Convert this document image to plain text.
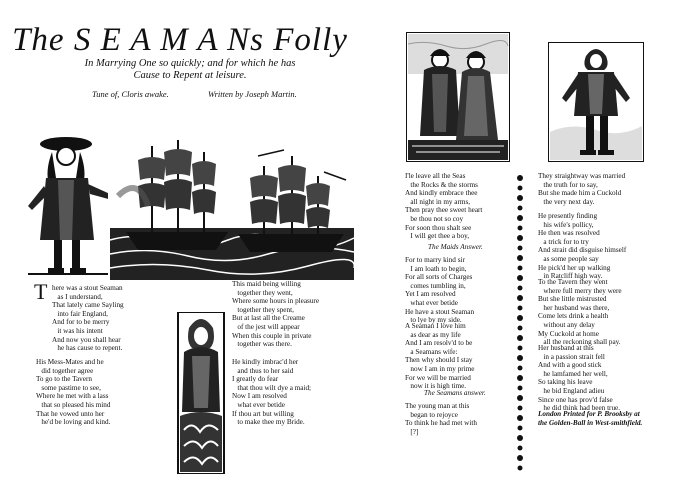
The S E A M A Ns Folly
In Marrying One so quickly; and for which he has
Cause to Repent at leisure.
Tune of, Cloris awake.	Written by Joseph Martin.
T here was a stout Seaman
as I understand,
That lately came Sayling
into fair England,
And for to be merry
it was his intent
And now you shall hear
he has cause to repent.
His Mess-Mates and he
did together agree
To go to the Tavern
some pastime to see,
Where he met with a lass
that so pleased his mind
That he vowed unto her
he'd be loving and kind.
This maid being willing
together they went,
Where some hours in pleasure
together they spent,
But at last all the Creame
of the jest will appear
When this couple in private
together was there.
He kindly imbrac'd her
and thus to her said
I greatly do fear
that thou wilt dye a maid;
Now I am resolved
what ever betide
If thou art but willing
to make thee my Bride.
I'le leave all the Seas
the Rocks & the storms
And kindly embrace thee
all night in my arms,
Then pray thee sweet heart
be thou not so coy
For soon thou shalt see
I will get thee a boy,
The Maids Answer.
For to marry kind sir
I am loath to begin,
For all sorts of Charges
comes tumbling in,
Yet I am resolved
what ever betide
He have a stout Seaman
to lye by my side.
A Seaman I love him
as dear as my life
And I am resolv'd to be
a Seamans wife:
Then why should I stay
now I am in my prime
For we will be married
now it is high time.
The Seamans answer.
The young man at this
began to rejoyce
To think he had met with
[?]
They straightway was married
the truth for to say,
But she made him a Cuckold
the very next day.
He presently finding
his wife's pollicy,
He then was resolved
a trick for to try
And strait did disguise himself
as some people say
He pick'd her up walking
in Ratcliff high way.
To the Tavern they went
where full merry they were
But she little mistrusted
her husband was there,
Come lets drink a health
without any delay
My Cuckold at home
all the reckoning shall pay.
Her husband at this
in a passion strait fell
And with a good stick
he lamfamed her well,
So taking his leave
he bid England adieu
Since one has prov'd false
he did think had been true.
London Printed for P. Brooksby at
the Golden-Ball in West-smithfield.
